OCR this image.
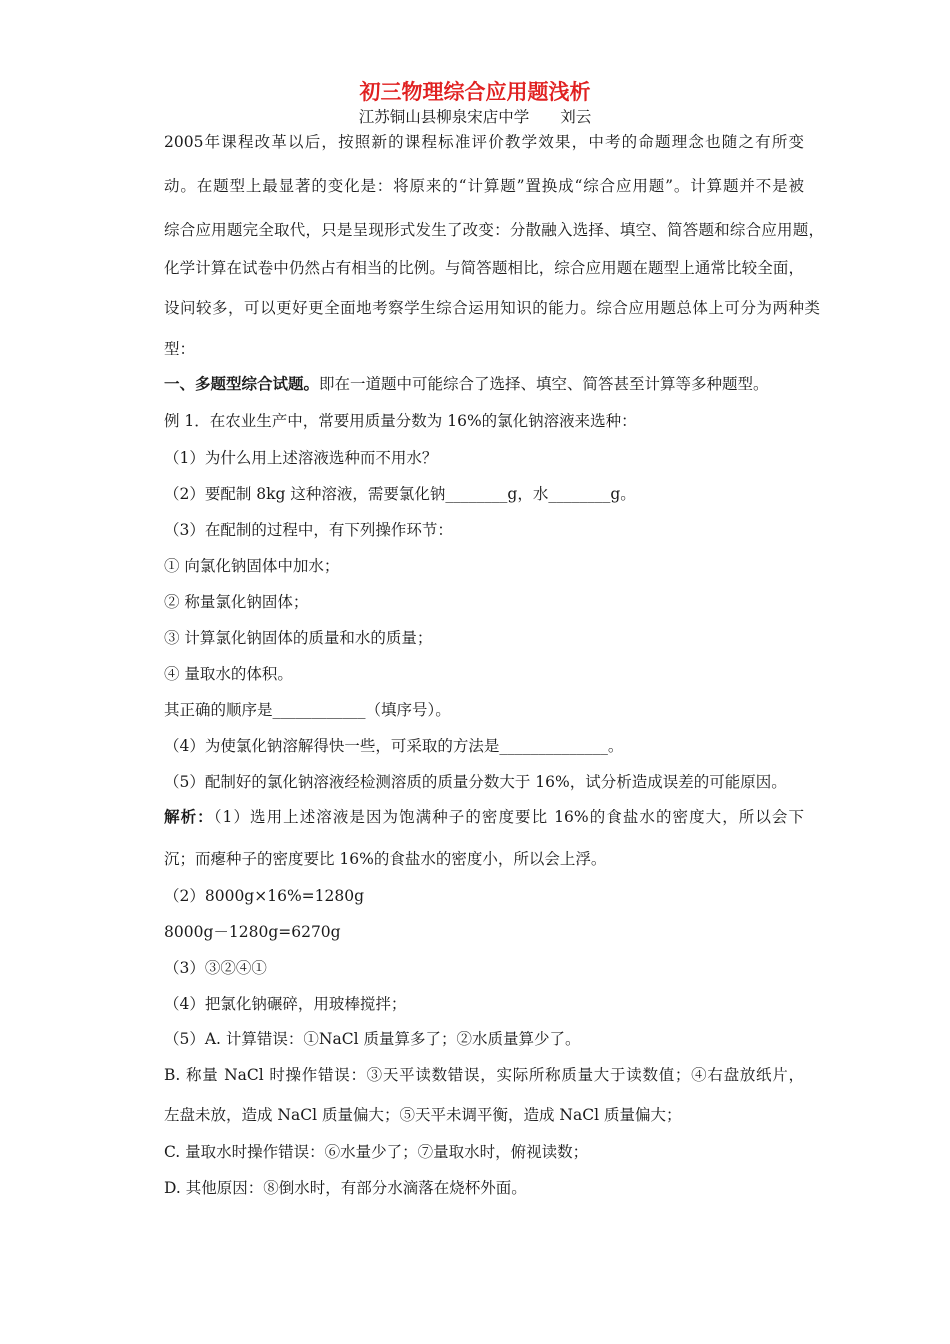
初三物理综合应用题浅析
江苏铜山县柳泉宋店中学　　刘云
2005年课程改革以后，按照新的课程标准评价教学效果，中考的命题理念也随之有所变
动。在题型上最显著的变化是：将原来的“计算题”置换成“综合应用题”。计算题并不是被
综合应用题完全取代，只是呈现形式发生了改变：分散融入选择、填空、简答题和综合应用题，
化学计算在试卷中仍然占有相当的比例。与简答题相比，综合应用题在题型上通常比较全面，
设问较多，可以更好更全面地考察学生综合运用知识的能力。综合应用题总体上可分为两种类
型：
一、多题型综合试题。即在一道题中可能综合了选择、填空、简答甚至计算等多种题型。
例 1．在农业生产中，常要用质量分数为 16%的氯化钠溶液来选种：
（1）为什么用上述溶液选种而不用水？
（2）要配制 8kg 这种溶液，需要氯化钠________g，水________g。
（3）在配制的过程中，有下列操作环节：
① 向氯化钠固体中加水；
② 称量氯化钠固体；
③ 计算氯化钠固体的质量和水的质量；
④ 量取水的体积。
其正确的顺序是____________（填序号）。
（4）为使氯化钠溶解得快一些，可采取的方法是______________。
（5）配制好的氯化钠溶液经检测溶质的质量分数大于 16%，试分析造成误差的可能原因。
解析：（1）选用上述溶液是因为饱满种子的密度要比 16%的食盐水的密度大，所以会下
沉；而瘪种子的密度要比 16%的食盐水的密度小，所以会上浮。
（2）8000g×16%=1280g
8000g－1280g=6270g
（3）③②④①
（4）把氯化钠碾碎，用玻棒搅拌；
（5）A. 计算错误：①NaCl 质量算多了；②水质量算少了。
B. 称量 NaCl 时操作错误：③天平读数错误，实际所称质量大于读数值；④右盘放纸片，
左盘未放，造成 NaCl 质量偏大；⑤天平未调平衡，造成 NaCl 质量偏大；
C. 量取水时操作错误：⑥水量少了；⑦量取水时，俯视读数；
D. 其他原因：⑧倒水时，有部分水滴落在烧杯外面。
